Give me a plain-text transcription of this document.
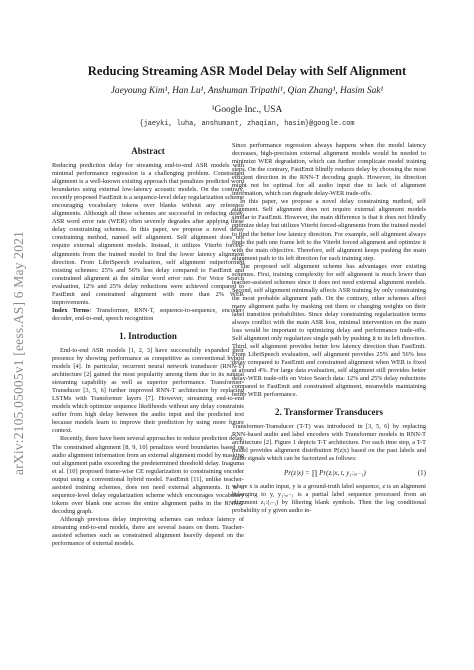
arXiv:2105.05005v1 [eess.AS] 6 May 2021
Reducing Streaming ASR Model Delay with Self Alignment
Jaeyoung Kim¹, Han Lu¹, Anshuman Tripathi¹, Qian Zhang¹, Hasim Sak¹
¹Google Inc., USA
{jaeyki, luha, anshumant, zhaqian, hasim}@google.com
Abstract

Reducing prediction delay for streaming end-to-end ASR models with minimal performance regression is a challenging problem. Constrained alignment is a well-known existing approach that penalizes predicted word boundaries using external low-latency acoustic models. On the contrary, recently proposed FastEmit is a sequence-level delay regularization scheme encouraging vocabulary tokens over blanks without any reference alignments. Although all these schemes are successful in reducing delay, ASR word error rate (WER) often severely degrades after applying these delay constraining schemes. In this paper, we propose a novel delay constraining method, named self alignment. Self alignment does not require external alignment models. Instead, it utilizes Viterbi forced-alignments from the trained model to find the lower latency alignment direction. From LibriSpeech evaluation, self alignment outperformed existing schemes: 25% and 56% less delay compared to FastEmit and constrained alignment at the similar word error rate. For Voice Search evaluation, 12% and 25% delay reductions were achieved compared to FastEmit and constrained alignment with more than 2% WER improvements.

Index Terms: Transformer, RNN-T, sequence-to-sequence, encoder-decoder, end-to-end, speech recognition

1. Introduction

End-to-end ASR models [1, 2, 3] have successfully expanded their presence by showing performance as competitive as conventional hybrid models [4]. In particular, recurrent neural network transducer (RNN-T) architecture [2] gained the most popularity among them due to its natural streaming capability as well as superior performance. Transformer-Transducer [3, 5, 6] further improved RNN-T architecture by replacing LSTMs with Transformer layers [7]. However, streaming end-to-end models which optimize sequence likelihoods without any delay constraints suffer from high delay between the audio input and the predicted text because models learn to improve their prediction by using more future context.

Recently, there have been several approaches to reduce prediction delay. The constrained alignment [8, 9, 10] penalizes word boundaries based on audio alignment information from an external alignment model by masking out alignment paths exceeding the predetermined threshold delay. Inaguma et al. [10] proposed frame-wise CE regularization to constraining encoder output using a conventional hybrid model. FastEmit [11], unlike teacher-assisted training schemes, does not need external alignments. It is a sequence-level delay regularization scheme which encourages vocabulary tokens over blank one across the entire alignment paths in the RNN-T decoding graph.

Although previous delay improving schemes can reduce latency of streaming end-to-end models, there are several issues on them. Teacher-assisted schemes such as constrained alignment heavily depend on the performance of external models.

Since performance regression always happens when the model latency decreases, high-precision external alignment models would be needed to minimize WER degradation, which can further complicate model training steps. On the contrary, FastEmit blindly reduces delay by choosing the most efficient direction in the RNN-T decoding graph. However, its direction might not be optimal for all audio input due to lack of alignment information, which can degrade delay-WER trade-offs.

In this paper, we propose a novel delay constraining method, self alignment. Self alignment does not require external alignment models similar to FastEmit. However, the main difference is that it does not blindly optimize delay but utilizes Viterbi forced-alignments from the trained model to find the better low latency direction. For example, self alignment always finds the path one frame left to the Viterbi forced alignment and optimize it with the main objective. Therefore, self alignment keeps pushing the main alignment path to its left direction for each training step.

The proposed self alignment scheme has advantages over existing schemes. First, training complexity for self alignment is much lower than teacher-assisted schemes since it does not need external alignment models. Second, self alignment minimally affects ASR training by only constraining the most probable alignment path. On the contrary, other schemes affect many alignment paths by masking out them or changing weights on their label transition probabilities. Since delay constraining regularization terms always conflict with the main ASR loss, minimal intervention on the main loss would be important to optimizing delay and performance trade-offs. Self alignment only regularizes single path by pushing it to its left direction. Third, self alignment provides better low latency direction than FastEmit. From LibriSpeech evaluation, self alignment provides 25% and 56% less delay compared to FastEmit and constrained alignment when WER is fixed at around 4%. For large data evaluation, self alignment still provides better delay-WER trade-offs on Voice Search data: 12% and 25% delay reductions compared to FastEmit and constrained alignment, meanwhile maintaining better WER performance.

2. Transformer Transducers

Transformer-Transducer (T-T) was introduced in [3, 5, 6] by replacing RNN-based audio and label encoders with Transformer models in RNN-T architecture [2]. Figure 1 depicts T-T architecture. For each time step, a T-T model provides alignment distribution P(z|x) based on the past labels and audio signals which can be factorized as follows:

Pr(z|x) = ∏ Pr(zᵢ|x, t, y₁:ᵤᵢ₋₁)	(1)

where x is audio input, y is a ground-truth label sequence, z is an alignment belonging to y, y₁:ᵤᵢ₋₁ is a partial label sequence processed from an alignment z₁:(ᵢ₋₁) by filtering blank symbols. Then the log conditional probability of y given audio in-
